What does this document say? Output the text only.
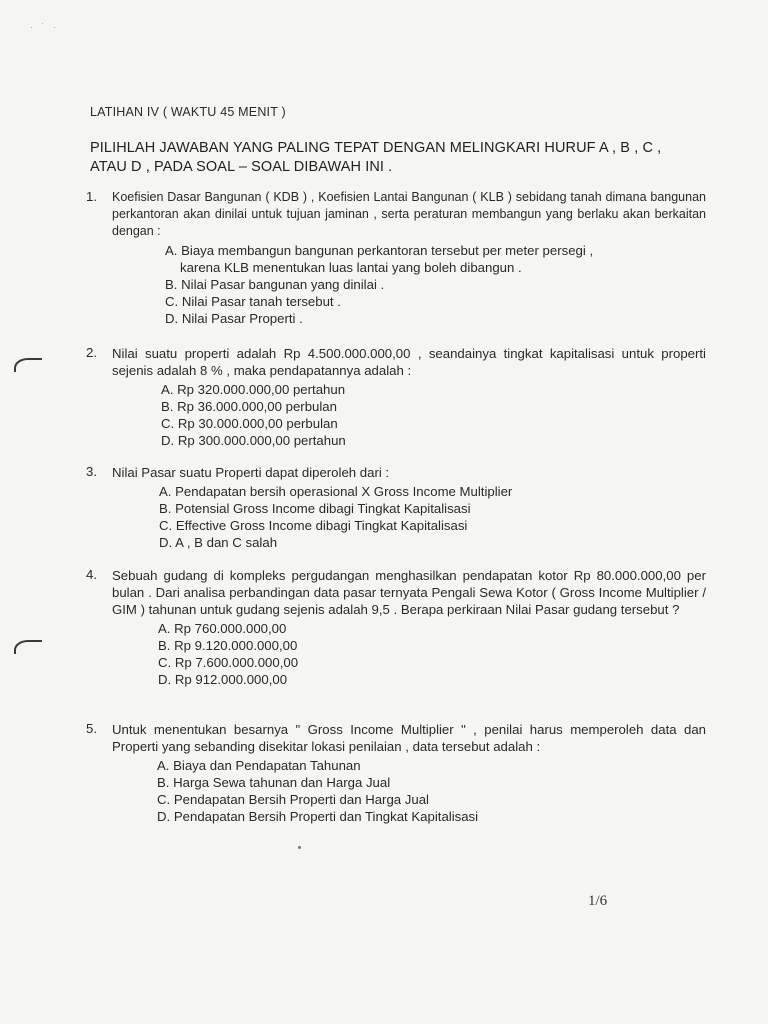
· ˙ ·
LATIHAN IV ( WAKTU 45 MENIT )
PILIHLAH JAWABAN YANG PALING TEPAT DENGAN MELINGKARI HURUF A , B , C , ATAU D , PADA SOAL – SOAL DIBAWAH INI .
1.	Koefisien Dasar Bangunan ( KDB ) , Koefisien Lantai Bangunan ( KLB ) sebidang tanah dimana bangunan perkantoran akan dinilai untuk tujuan jaminan , serta peraturan membangun yang berlaku akan berkaitan dengan :
A. Biaya membangun bangunan perkantoran tersebut per meter persegi ,
karena KLB menentukan luas lantai yang boleh dibangun .
B. Nilai Pasar bangunan yang dinilai .
C. Nilai Pasar tanah tersebut .
D. Nilai Pasar Properti .
2.	Nilai suatu properti adalah Rp 4.500.000.000,00 , seandainya tingkat kapitalisasi untuk properti sejenis adalah 8 % , maka pendapatannya adalah :
A. Rp 320.000.000,00 pertahun
B. Rp 36.000.000,00 perbulan
C. Rp 30.000.000,00 perbulan
D. Rp 300.000.000,00 pertahun
3.	Nilai Pasar suatu Properti dapat diperoleh dari :
A. Pendapatan bersih operasional X Gross Income Multiplier
B. Potensial Gross Income dibagi Tingkat Kapitalisasi
C. Effective Gross Income dibagi Tingkat Kapitalisasi
D. A , B dan C salah
4.	Sebuah gudang di kompleks pergudangan menghasilkan pendapatan kotor Rp 80.000.000,00 per bulan . Dari analisa perbandingan data pasar ternyata Pengali Sewa Kotor ( Gross Income Multiplier / GIM ) tahunan untuk gudang sejenis adalah 9,5 . Berapa perkiraan Nilai Pasar gudang tersebut ?
A. Rp 760.000.000,00
B. Rp 9.120.000.000,00
C. Rp 7.600.000.000,00
D. Rp 912.000.000,00
5.	Untuk menentukan besarnya " Gross Income Multiplier " , penilai harus memperoleh data dan Properti yang sebanding disekitar lokasi penilaian , data tersebut adalah :
A. Biaya dan Pendapatan Tahunan
B. Harga Sewa tahunan dan Harga Jual
C. Pendapatan Bersih Properti dan Harga Jual
D. Pendapatan Bersih Properti dan Tingkat Kapitalisasi
1/6
